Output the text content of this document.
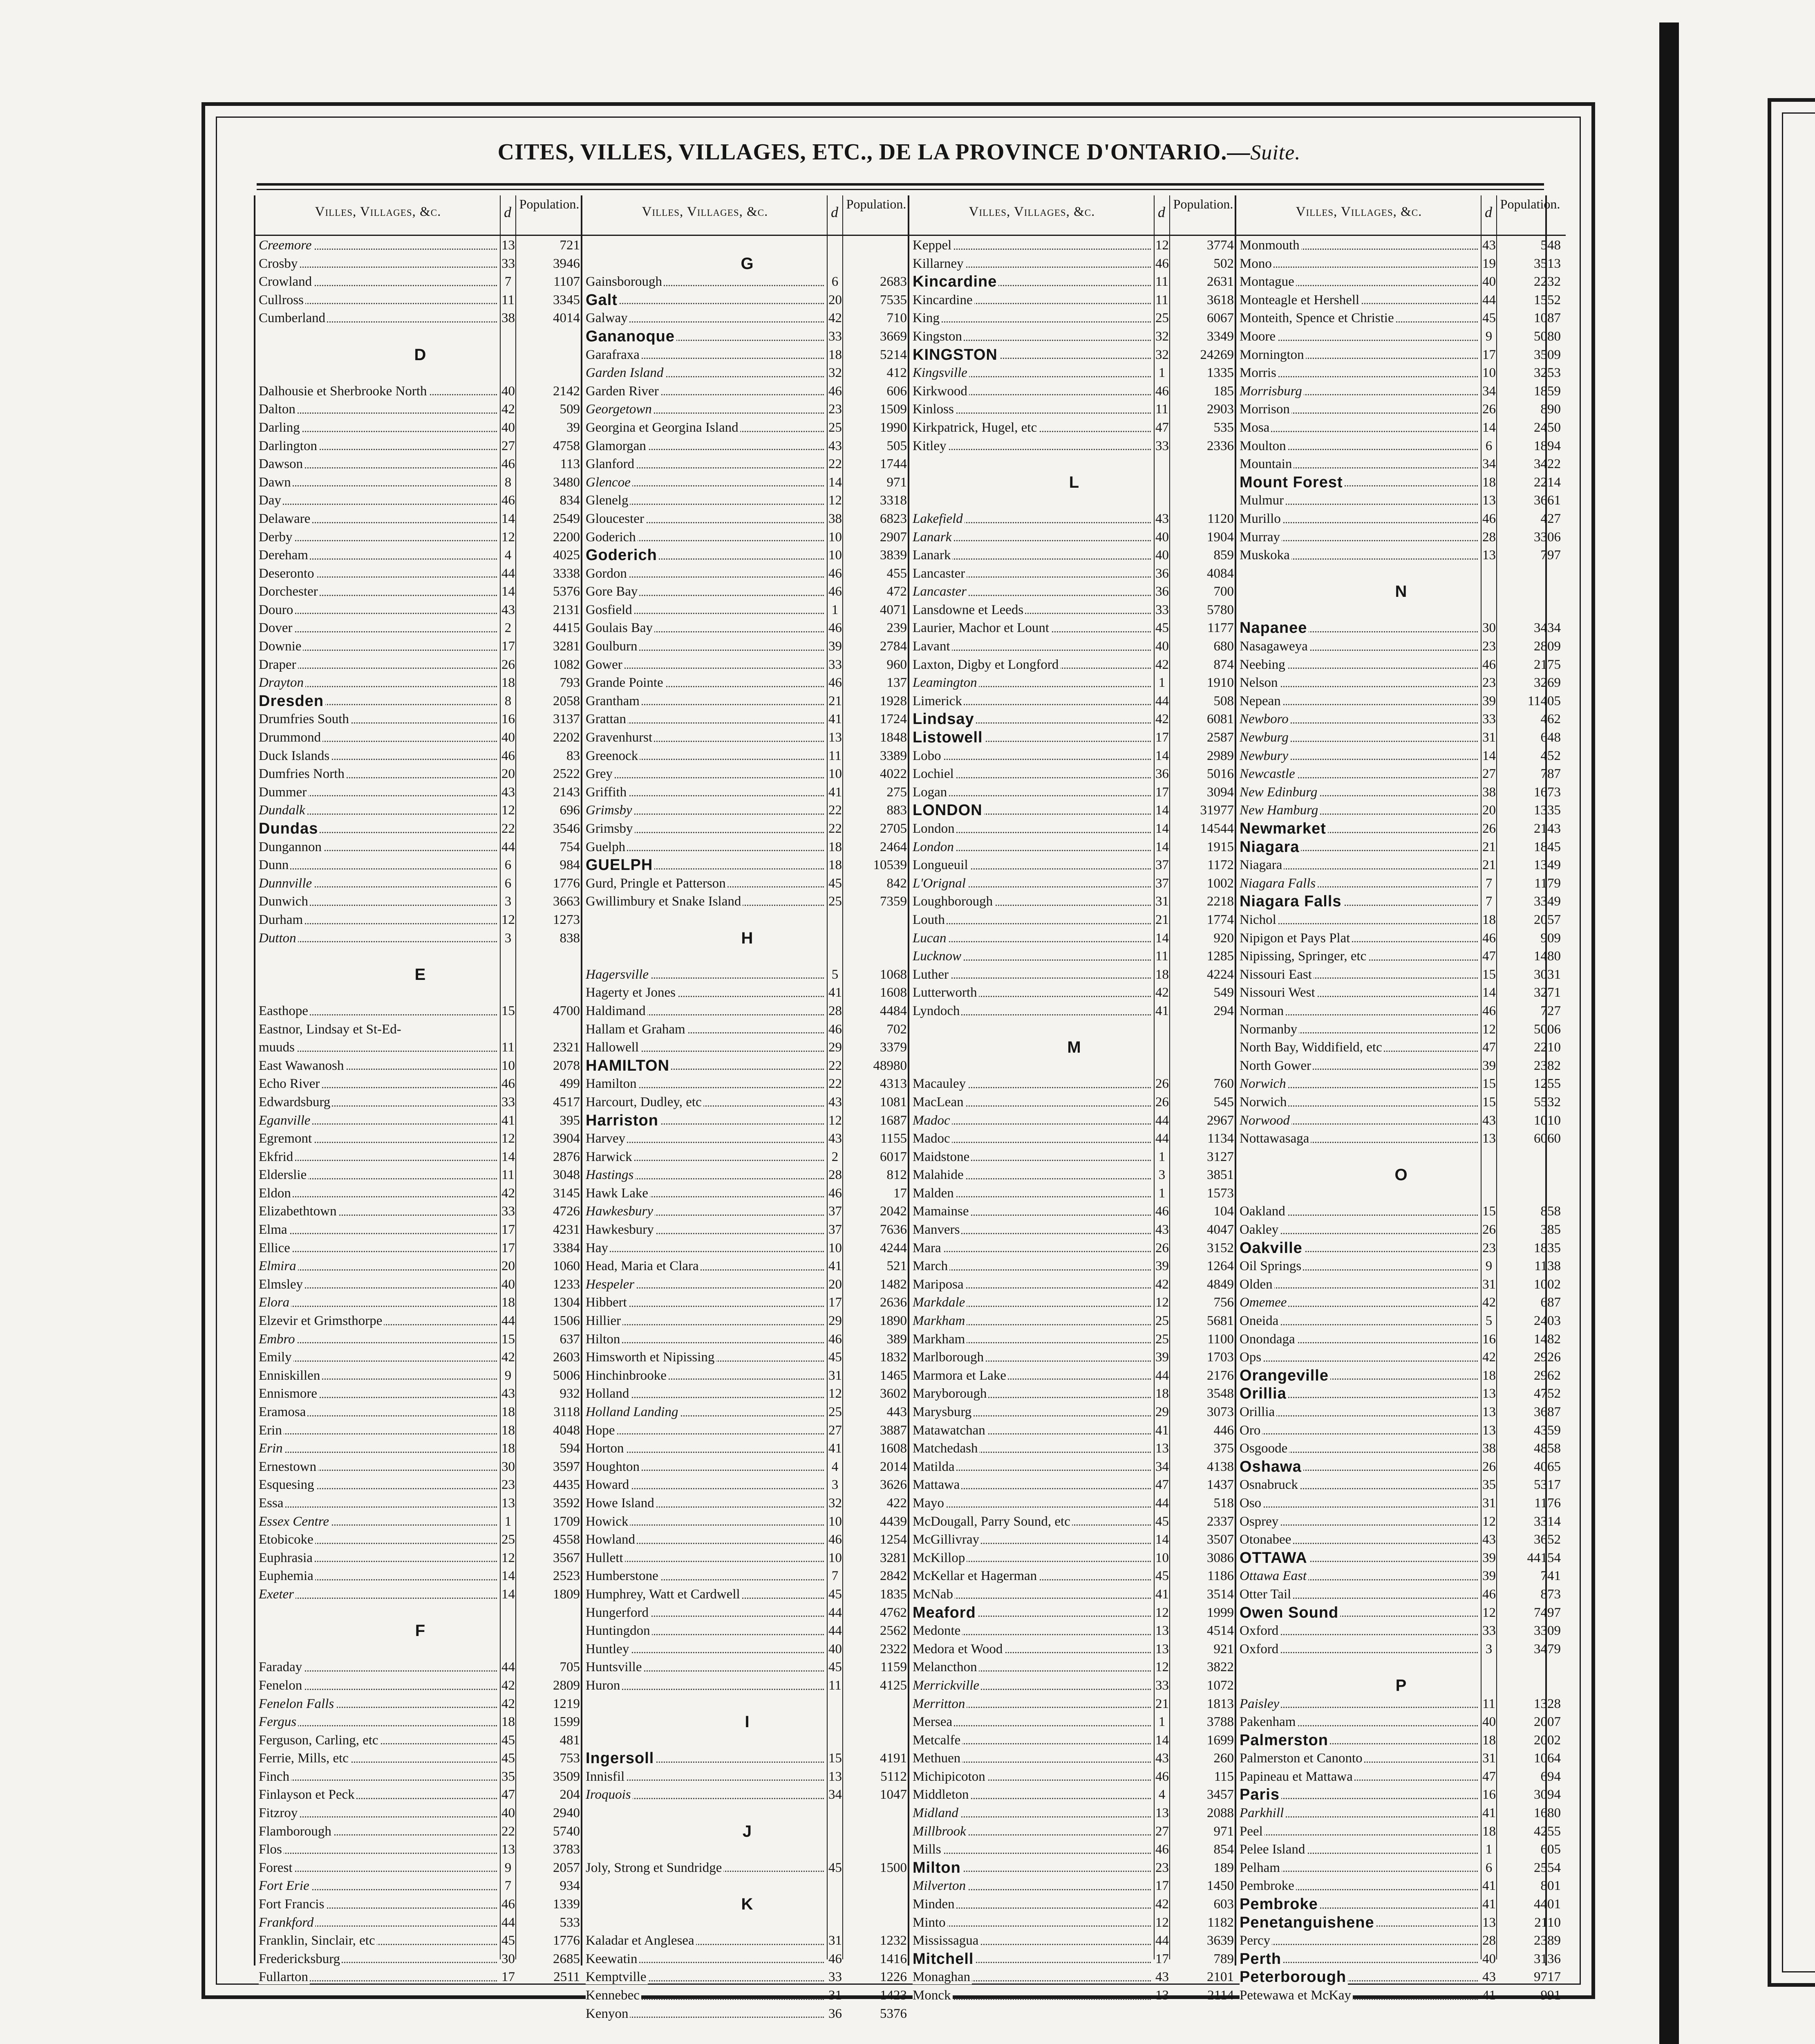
CITES, VILLES, VILLAGES, ETC., DE LA PROVINCE D'ONTARIO.—Suite.
Villes, Villages, &c.	d Population.
Creemore	13	721
Crosby	33	3946
Crowland	7	1107
Cullross	11	3345
Cumberland	38	4014
D
Dalhousie et Sherbrooke North	40	2142
Dalton	42	509
Darling	40	39
Darlington	27	4758
Dawson	46	113
Dawn	8	3480
Day	46	834
Delaware	14	2549
Derby	12	2200
Dereham	4	4025
Deseronto	44	3338
Dorchester	14	5376
Douro	43	2131
Dover	2	4415
Downie	17	3281
Draper	26	1082
Drayton	18	793
Dresden	8	2058
Drumfries South	16	3137
Drummond	40	2202
Duck Islands	46	83
Dumfries North	20	2522
Dummer	43	2143
Dundalk	12	696
Dundas	22	3546
Dungannon	44	754
Dunn	6	984
Dunnville	6	1776
Dunwich	3	3663
Durham	12	1273
Dutton	3	838
E
Easthope	15	4700
Eastnor, Lindsay et St-Ed-
muuds	11	2321
East Wawanosh	10	2078
Echo River	46	499
Edwardsburg	33	4517
Eganville	41	395
Egremont	12	3904
Ekfrid	14	2876
Elderslie	11	3048
Eldon	42	3145
Elizabethtown	33	4726
Elma	17	4231
Ellice	17	3384
Elmira	20	1060
Elmsley	40	1233
Elora	18	1304
Elzevir et Grimsthorpe	44	1506
Embro	15	637
Emily	42	2603
Enniskillen	9	5006
Ennismore	43	932
Eramosa	18	3118
Erin	18	4048
Erin	18	594
Ernestown	30	3597
Esquesing	23	4435
Essa	13	3592
Essex Centre	1	1709
Etobicoke	25	4558
Euphrasia	12	3567
Euphemia	14	2523
Exeter	14	1809
F
Faraday	44	705
Fenelon	42	2809
Fenelon Falls	42	1219
Fergus	18	1599
Ferguson, Carling, etc	45	481
Ferrie, Mills, etc	45	753
Finch	35	3509
Finlayson et Peck	47	204
Fitzroy	40	2940
Flamborough	22	5740
Flos	13	3783
Forest	9	2057
Fort Erie	7	934
Fort Francis	46	1339
Frankford	44	533
Franklin, Sinclair, etc	45	1776
Fredericksburg	30	2685
Fullarton	17	2511
Villes, Villages, &c.	d Population.
G
Gainsborough	6	2683
Galt	20	7535
Galway	42	710
Gananoque	33	3669
Garafraxa	18	5214
Garden Island	32	412
Garden River	46	606
Georgetown	23	1509
Georgina et Georgina Island	25	1990
Glamorgan	43	505
Glanford	22	1744
Glencoe	14	971
Glenelg	12	3318
Gloucester	38	6823
Goderich	10	2907
Goderich	10	3839
Gordon	46	455
Gore Bay	46	472
Gosfield	1	4071
Goulais Bay	46	239
Goulburn	39	2784
Gower	33	960
Grande Pointe	46	137
Grantham	21	1928
Grattan	41	1724
Gravenhurst	13	1848
Greenock	11	3389
Grey	10	4022
Griffith	41	275
Grimsby	22	883
Grimsby	22	2705
Guelph	18	2464
GUELPH	18	10539
Gurd, Pringle et Patterson	45	842
Gwillimbury et Snake Island	25	7359
H
Hagersville	5	1068
Hagerty et Jones	41	1608
Haldimand	28	4484
Hallam et Graham	46	702
Hallowell	29	3379
HAMILTON	22	48980
Hamilton	22	4313
Harcourt, Dudley, etc	43	1081
Harriston	12	1687
Harvey	43	1155
Harwick	2	6017
Hastings	28	812
Hawk Lake	46	17
Hawkesbury	37	2042
Hawkesbury	37	7636
Hay	10	4244
Head, Maria et Clara	41	521
Hespeler	20	1482
Hibbert	17	2636
Hillier	29	1890
Hilton	46	389
Himsworth et Nipissing	45	1832
Hinchinbrooke	31	1465
Holland	12	3602
Holland Landing	25	443
Hope	27	3887
Horton	41	1608
Houghton	4	2014
Howard	3	3626
Howe Island	32	422
Howick	10	4439
Howland	46	1254
Hullett	10	3281
Humberstone	7	2842
Humphrey, Watt et Cardwell	45	1835
Hungerford	44	4762
Huntingdon	44	2562
Huntley	40	2322
Huntsville	45	1159
Huron	11	4125
I
Ingersoll	15	4191
Innisfil	13	5112
Iroquois	34	1047
J
Joly, Strong et Sundridge	45	1500
K
Kaladar et Anglesea	31	1232
Keewatin	46	1416
Kemptville	33	1226
Kennebec	31	1423
Kenyon	36	5376
Villes, Villages, &c.	d Population.
Keppel	12	3774
Killarney	46	502
Kincardine	11	2631
Kincardine	11	3618
King	25	6067
Kingston	32	3349
KINGSTON	32	24269
Kingsville	1	1335
Kirkwood	46	185
Kinloss	11	2903
Kirkpatrick, Hugel, etc	47	535
Kitley	33	2336
L
Lakefield	43	1120
Lanark	40	1904
Lanark	40	859
Lancaster	36	4084
Lancaster	36	700
Lansdowne et Leeds	33	5780
Laurier, Machor et Lount	45	1177
Lavant	40	680
Laxton, Digby et Longford	42	874
Leamington	1	1910
Limerick	44	508
Lindsay	42	6081
Listowell	17	2587
Lobo	14	2989
Lochiel	36	5016
Logan	17	3094
LONDON	14	31977
London	14	14544
London	14	1915
Longueuil	37	1172
L'Orignal	37	1002
Loughborough	31	2218
Louth	21	1774
Lucan	14	920
Lucknow	11	1285
Luther	18	4224
Lutterworth	42	549
Lyndoch	41	294
M
Macauley	26	760
MacLean	26	545
Madoc	44	2967
Madoc	44	1134
Maidstone	1	3127
Malahide	3	3851
Malden	1	1573
Mamainse	46	104
Manvers	43	4047
Mara	26	3152
March	39	1264
Mariposa	42	4849
Markdale	12	756
Markham	25	5681
Markham	25	1100
Marlborough	39	1703
Marmora et Lake	44	2176
Maryborough	18	3548
Marysburg	29	3073
Matawatchan	41	446
Matchedash	13	375
Matilda	34	4138
Mattawa	47	1437
Mayo	44	518
McDougall, Parry Sound, etc	45	2337
McGillivray	14	3507
McKillop	10	3086
McKellar et Hagerman	45	1186
McNab	41	3514
Meaford	12	1999
Medonte	13	4514
Medora et Wood	13	921
Melancthon	12	3822
Merrickville	33	1072
Merritton	21	1813
Mersea	1	3788
Metcalfe	14	1699
Methuen	43	260
Michipicoton	46	115
Middleton	4	3457
Midland	13	2088
Millbrook	27	971
Mills	46	854
Milton	23	189
Milverton	17	1450
Minden	42	603
Minto	12	1182
Mississagua	44	3639
Mitchell	17	789
Monaghan	43	2101
Monck	13	2114
Villes, Villages, &c.	d Population.
Monmouth	43	548
Mono	19	3513
Montague	40	2232
Monteagle et Hershell	44	1552
Monteith, Spence et Christie	45	1087
Moore	9	5080
Mornington	17	3509
Morris	10	3253
Morrisburg	34	1859
Morrison	26	890
Mosa	14	2450
Moulton	6	1894
Mountain	34	3422
Mount Forest	18	2214
Mulmur	13	3661
Murillo	46	427
Murray	28	3306
Muskoka	13	797
N
Napanee	30	3434
Nasagaweya	23	2809
Neebing	46	2175
Nelson	23	3269
Nepean	39	11405
Newboro	33	462
Newburg	31	648
Newbury	14	452
Newcastle	27	787
New Edinburg	38	1673
New Hamburg	20	1335
Newmarket	26	2143
Niagara	21	1845
Niagara	21	1349
Niagara Falls	7	1179
Niagara Falls	7	3349
Nichol	18	2057
Nipigon et Pays Plat	46	909
Nipissing, Springer, etc	47	1480
Nissouri East	15	3031
Nissouri West	14	3271
Norman	46	727
Normanby	12	5006
North Bay, Widdifield, etc	47	2210
North Gower	39	2382
Norwich	15	1255
Norwich	15	5532
Norwood	43	1010
Nottawasaga	13	6060
O
Oakland	15	858
Oakley	26	385
Oakville	23	1835
Oil Springs	9	1138
Olden	31	1002
Omemee	42	687
Oneida	5	2403
Onondaga	16	1482
Ops	42	2926
Orangeville	18	2962
Orillia	13	4752
Orillia	13	3687
Oro	13	4359
Osgoode	38	4858
Oshawa	26	4065
Osnabruck	35	5317
Oso	31	1176
Osprey	12	3314
Otonabee	43	3652
OTTAWA	39	44154
Ottawa East	39	741
Otter Tail	46	873
Owen Sound	12	7497
Oxford	33	3309
Oxford	3	3479
P
Paisley	11	1328
Pakenham	40	2007
Palmerston	18	2002
Palmerston et Canonto	31	1064
Papineau et Mattawa	47	694
Paris	16	3094
Parkhill	41	1680
Peel	18	4255
Pelee Island	1	605
Pelham	6	2554
Pembroke	41	801
Pembroke	41	4401
Penetanguishene	13	2110
Percy	28	2389
Perth	40	3136
Peterborough	43	9717
Petewawa et McKay	41	991
